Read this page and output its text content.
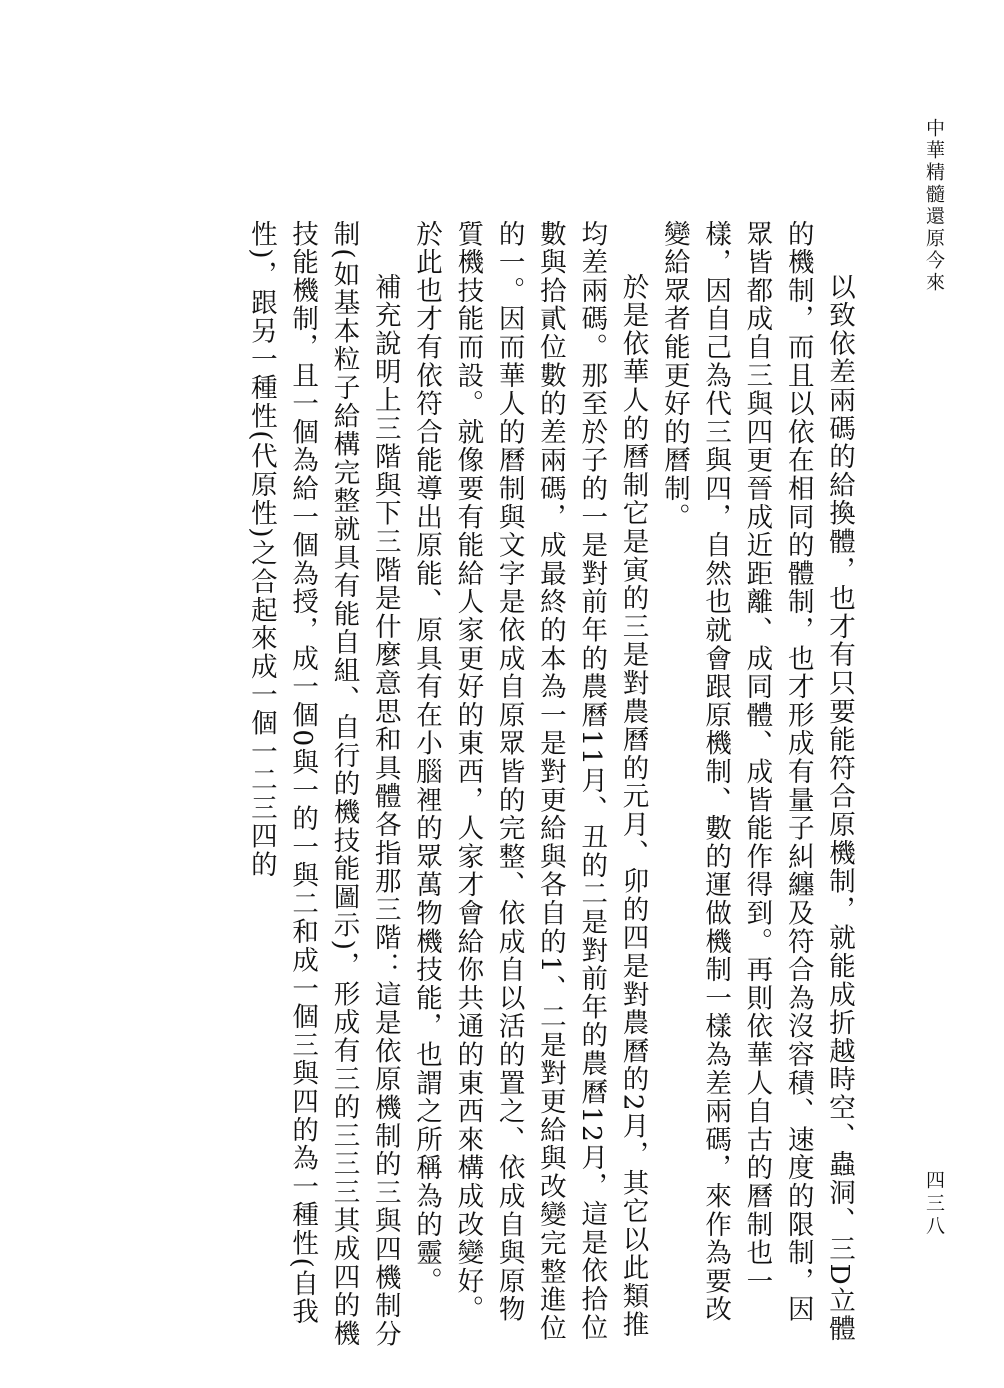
中華精髓還原今來
四三八

以致依差兩碼的給換體，也才有只要能符合原機制，就能成折越時空、蟲洞、三D立體的機制，而且以依在相同的體制，也才形成有量子糾纏及符合為沒容積、速度的限制，因眾皆都成自三與四更晉成近距離、成同體、成皆能作得到。再則依華人自古的曆制也一樣，因自己為代三與四，自然也就會跟原機制、數的運做機制一樣為差兩碼，來作為要改變給眾者能更好的曆制。

於是依華人的曆制它是寅的三是對農曆的元月、卯的四是對農曆的2月，其它以此類推均差兩碼。那至於子的一是對前年的農曆11月、丑的二是對前年的農曆12月，這是依拾位數與拾貳位數的差兩碼，成最終的本為一是對更給與各自的1、二是對更給與改變完整進位的一。因而華人的曆制與文字是依成自原眾皆的完整、依成自以活的置之、依成自與原物質機技能而設。就像要有能給人家更好的東西，人家才會給你共通的東西來構成改變好。於此也才有依符合能導出原能、原具有在小腦裡的眾萬物機技能，也謂之所稱為的靈。

補充說明上三階與下三階是什麼意思和具體各指那三階：這是依原機制的三與四機制分制(如基本粒子給構完整就具有能自組、自行的機技能圖示)，形成有三的三三三其成四的機技能機制，且一個為給一個為授，成一個0與一的一與二和成一個三與四的為一種性(自我性)，跟另一種性(代原性)之合起來成一個一二三四的
